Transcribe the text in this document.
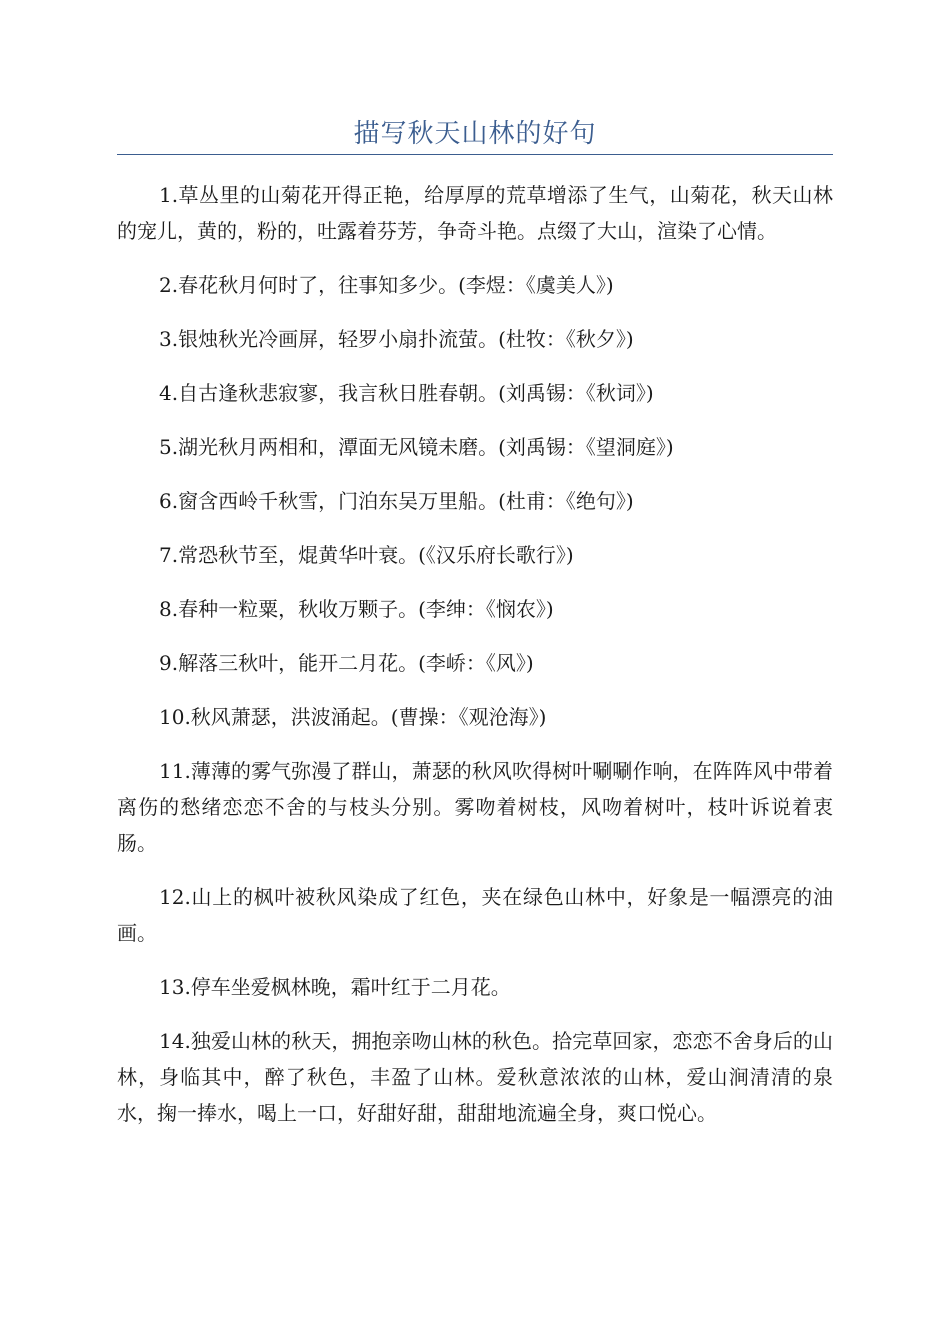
描写秋天山林的好句

1.草丛里的山菊花开得正艳，给厚厚的荒草增添了生气，山菊花，秋天山林的宠儿，黄的，粉的，吐露着芬芳，争奇斗艳。点缀了大山，渲染了心情。

2.春花秋月何时了，往事知多少。(李煜：《虞美人》)

3.银烛秋光冷画屏，轻罗小扇扑流萤。(杜牧：《秋夕》)

4.自古逢秋悲寂寥，我言秋日胜春朝。(刘禹锡：《秋词》)

5.湖光秋月两相和，潭面无风镜未磨。(刘禹锡：《望洞庭》)

6.窗含西岭千秋雪，门泊东吴万里船。(杜甫：《绝句》)

7.常恐秋节至，焜黄华叶衰。(《汉乐府长歌行》)

8.春种一粒粟，秋收万颗子。(李绅：《悯农》)

9.解落三秋叶，能开二月花。(李峤：《风》)

10.秋风萧瑟，洪波涌起。(曹操：《观沧海》)

11.薄薄的雾气弥漫了群山，萧瑟的秋风吹得树叶唰唰作响，在阵阵风中带着离伤的愁绪恋恋不舍的与枝头分别。雾吻着树枝，风吻着树叶，枝叶诉说着衷肠。

12.山上的枫叶被秋风染成了红色，夹在绿色山林中，好象是一幅漂亮的油画。

13.停车坐爱枫林晚，霜叶红于二月花。

14.独爱山林的秋天，拥抱亲吻山林的秋色。拾完草回家，恋恋不舍身后的山林，身临其中，醉了秋色，丰盈了山林。爱秋意浓浓的山林，爱山涧清清的泉水，掬一捧水，喝上一口，好甜好甜，甜甜地流遍全身，爽口悦心。
